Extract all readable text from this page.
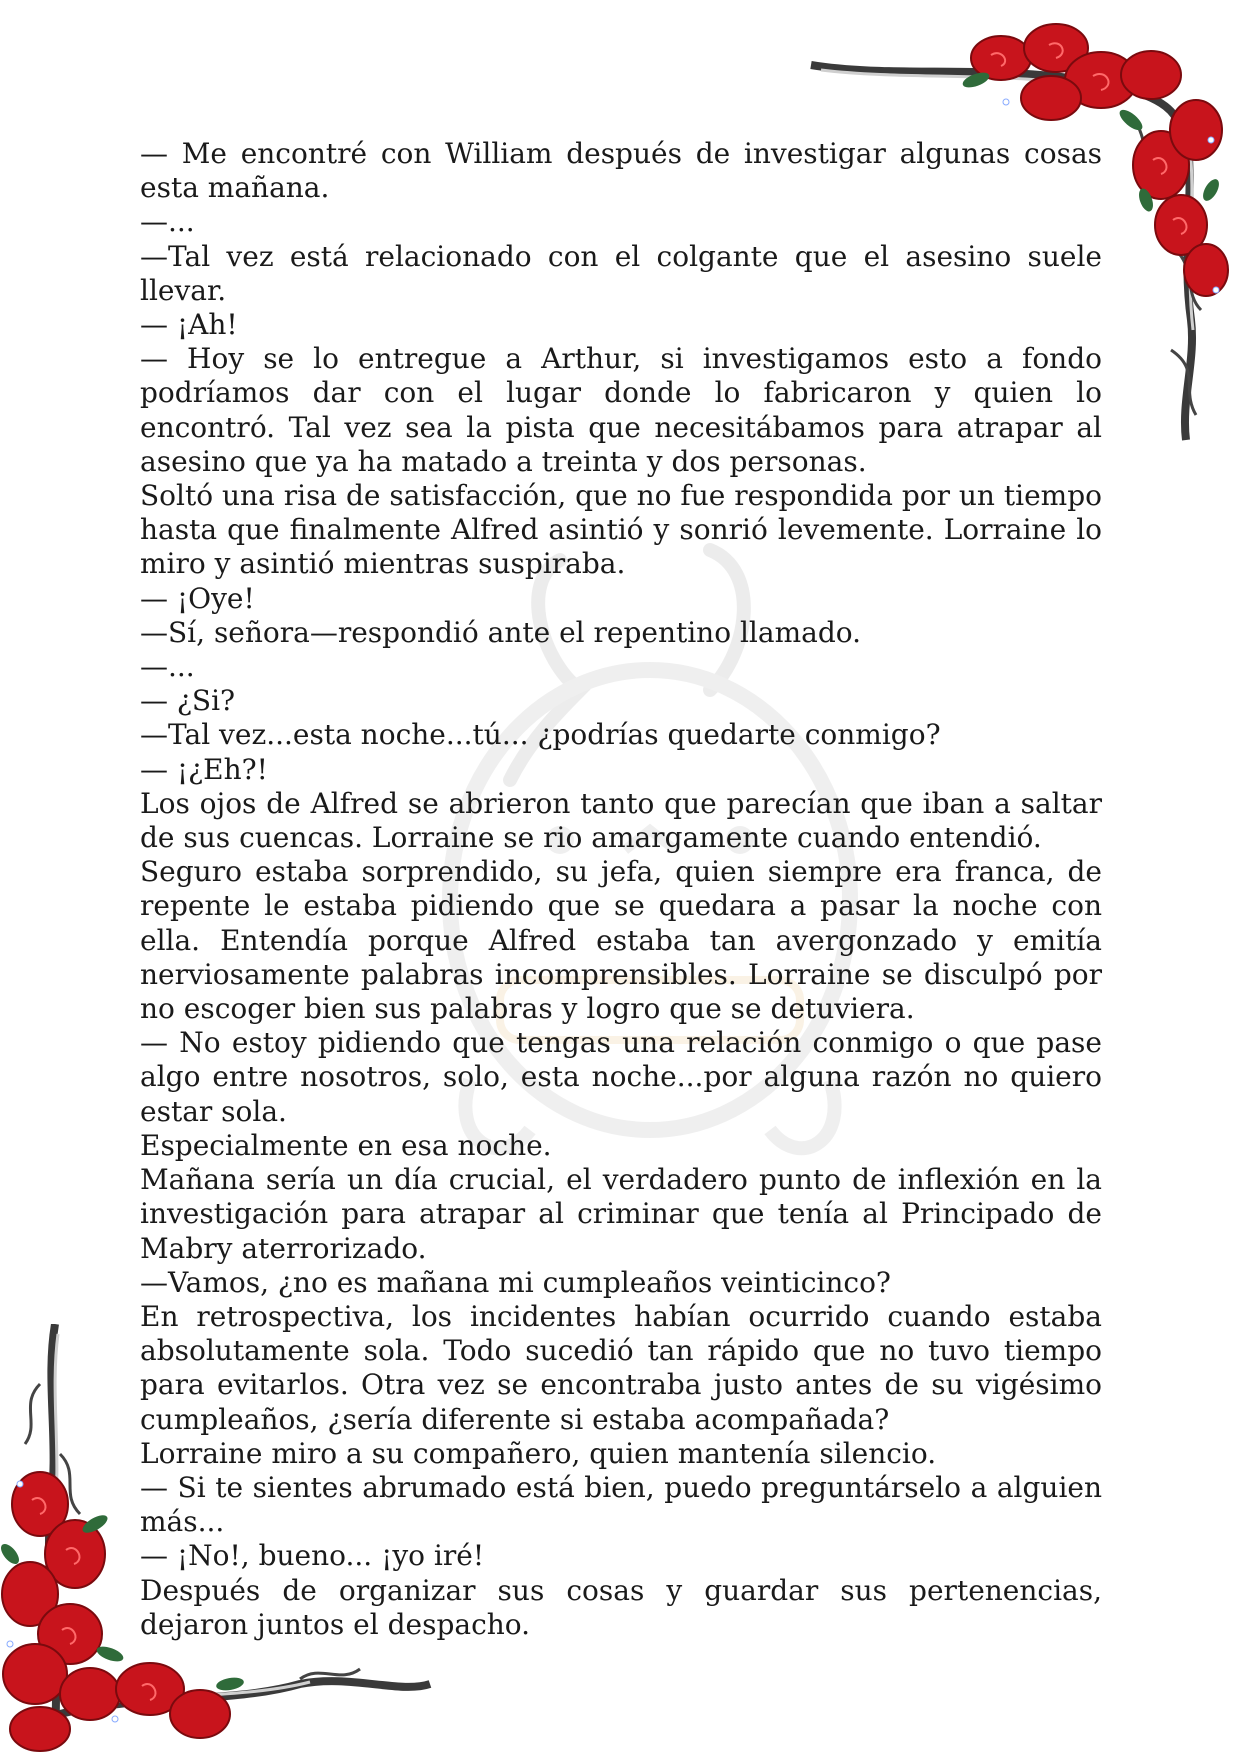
— Me encontré con William después de investigar algunas cosas esta mañana.

—...

—Tal vez está relacionado con el colgante que el asesino suele llevar.

— ¡Ah!

— Hoy se lo entregue a Arthur, si investigamos esto a fondo podríamos dar con el lugar donde lo fabricaron y quien lo encontró. Tal vez sea la pista que necesitábamos para atrapar al asesino que ya ha matado a treinta y dos personas.

Soltó una risa de satisfacción, que no fue respondida por un tiempo hasta que finalmente Alfred asintió y sonrió levemente. Lorraine lo miro y asintió mientras suspiraba.

— ¡Oye!

—Sí, señora—respondió ante el repentino llamado.

—...

— ¿Si?

—Tal vez...esta noche...tú... ¿podrías quedarte conmigo?

— ¡¿Eh?!

Los ojos de Alfred se abrieron tanto que parecían que iban a saltar de sus cuencas. Lorraine se rio amargamente cuando entendió.

Seguro estaba sorprendido, su jefa, quien siempre era franca, de repente le estaba pidiendo que se quedara a pasar la noche con ella. Entendía porque Alfred estaba tan avergonzado y emitía nerviosamente palabras incomprensibles. Lorraine se disculpó por no escoger bien sus palabras y logro que se detuviera.

— No estoy pidiendo que tengas una relación conmigo o que pase algo entre nosotros, solo, esta noche...por alguna razón no quiero estar sola.

Especialmente en esa noche.

Mañana sería un día crucial, el verdadero punto de inflexión en la investigación para atrapar al criminar que tenía al Principado de Mabry aterrorizado.

—Vamos, ¿no es mañana mi cumpleaños veinticinco?

En retrospectiva, los incidentes habían ocurrido cuando estaba absolutamente sola. Todo sucedió tan rápido que no tuvo tiempo para evitarlos. Otra vez se encontraba justo antes de su vigésimo cumpleaños, ¿sería diferente si estaba acompañada?

Lorraine miro a su compañero, quien mantenía silencio.

— Si te sientes abrumado está bien, puedo preguntárselo a alguien más...

— ¡No!, bueno... ¡yo iré!

Después de organizar sus cosas y guardar sus pertenencias, dejaron juntos el despacho.
